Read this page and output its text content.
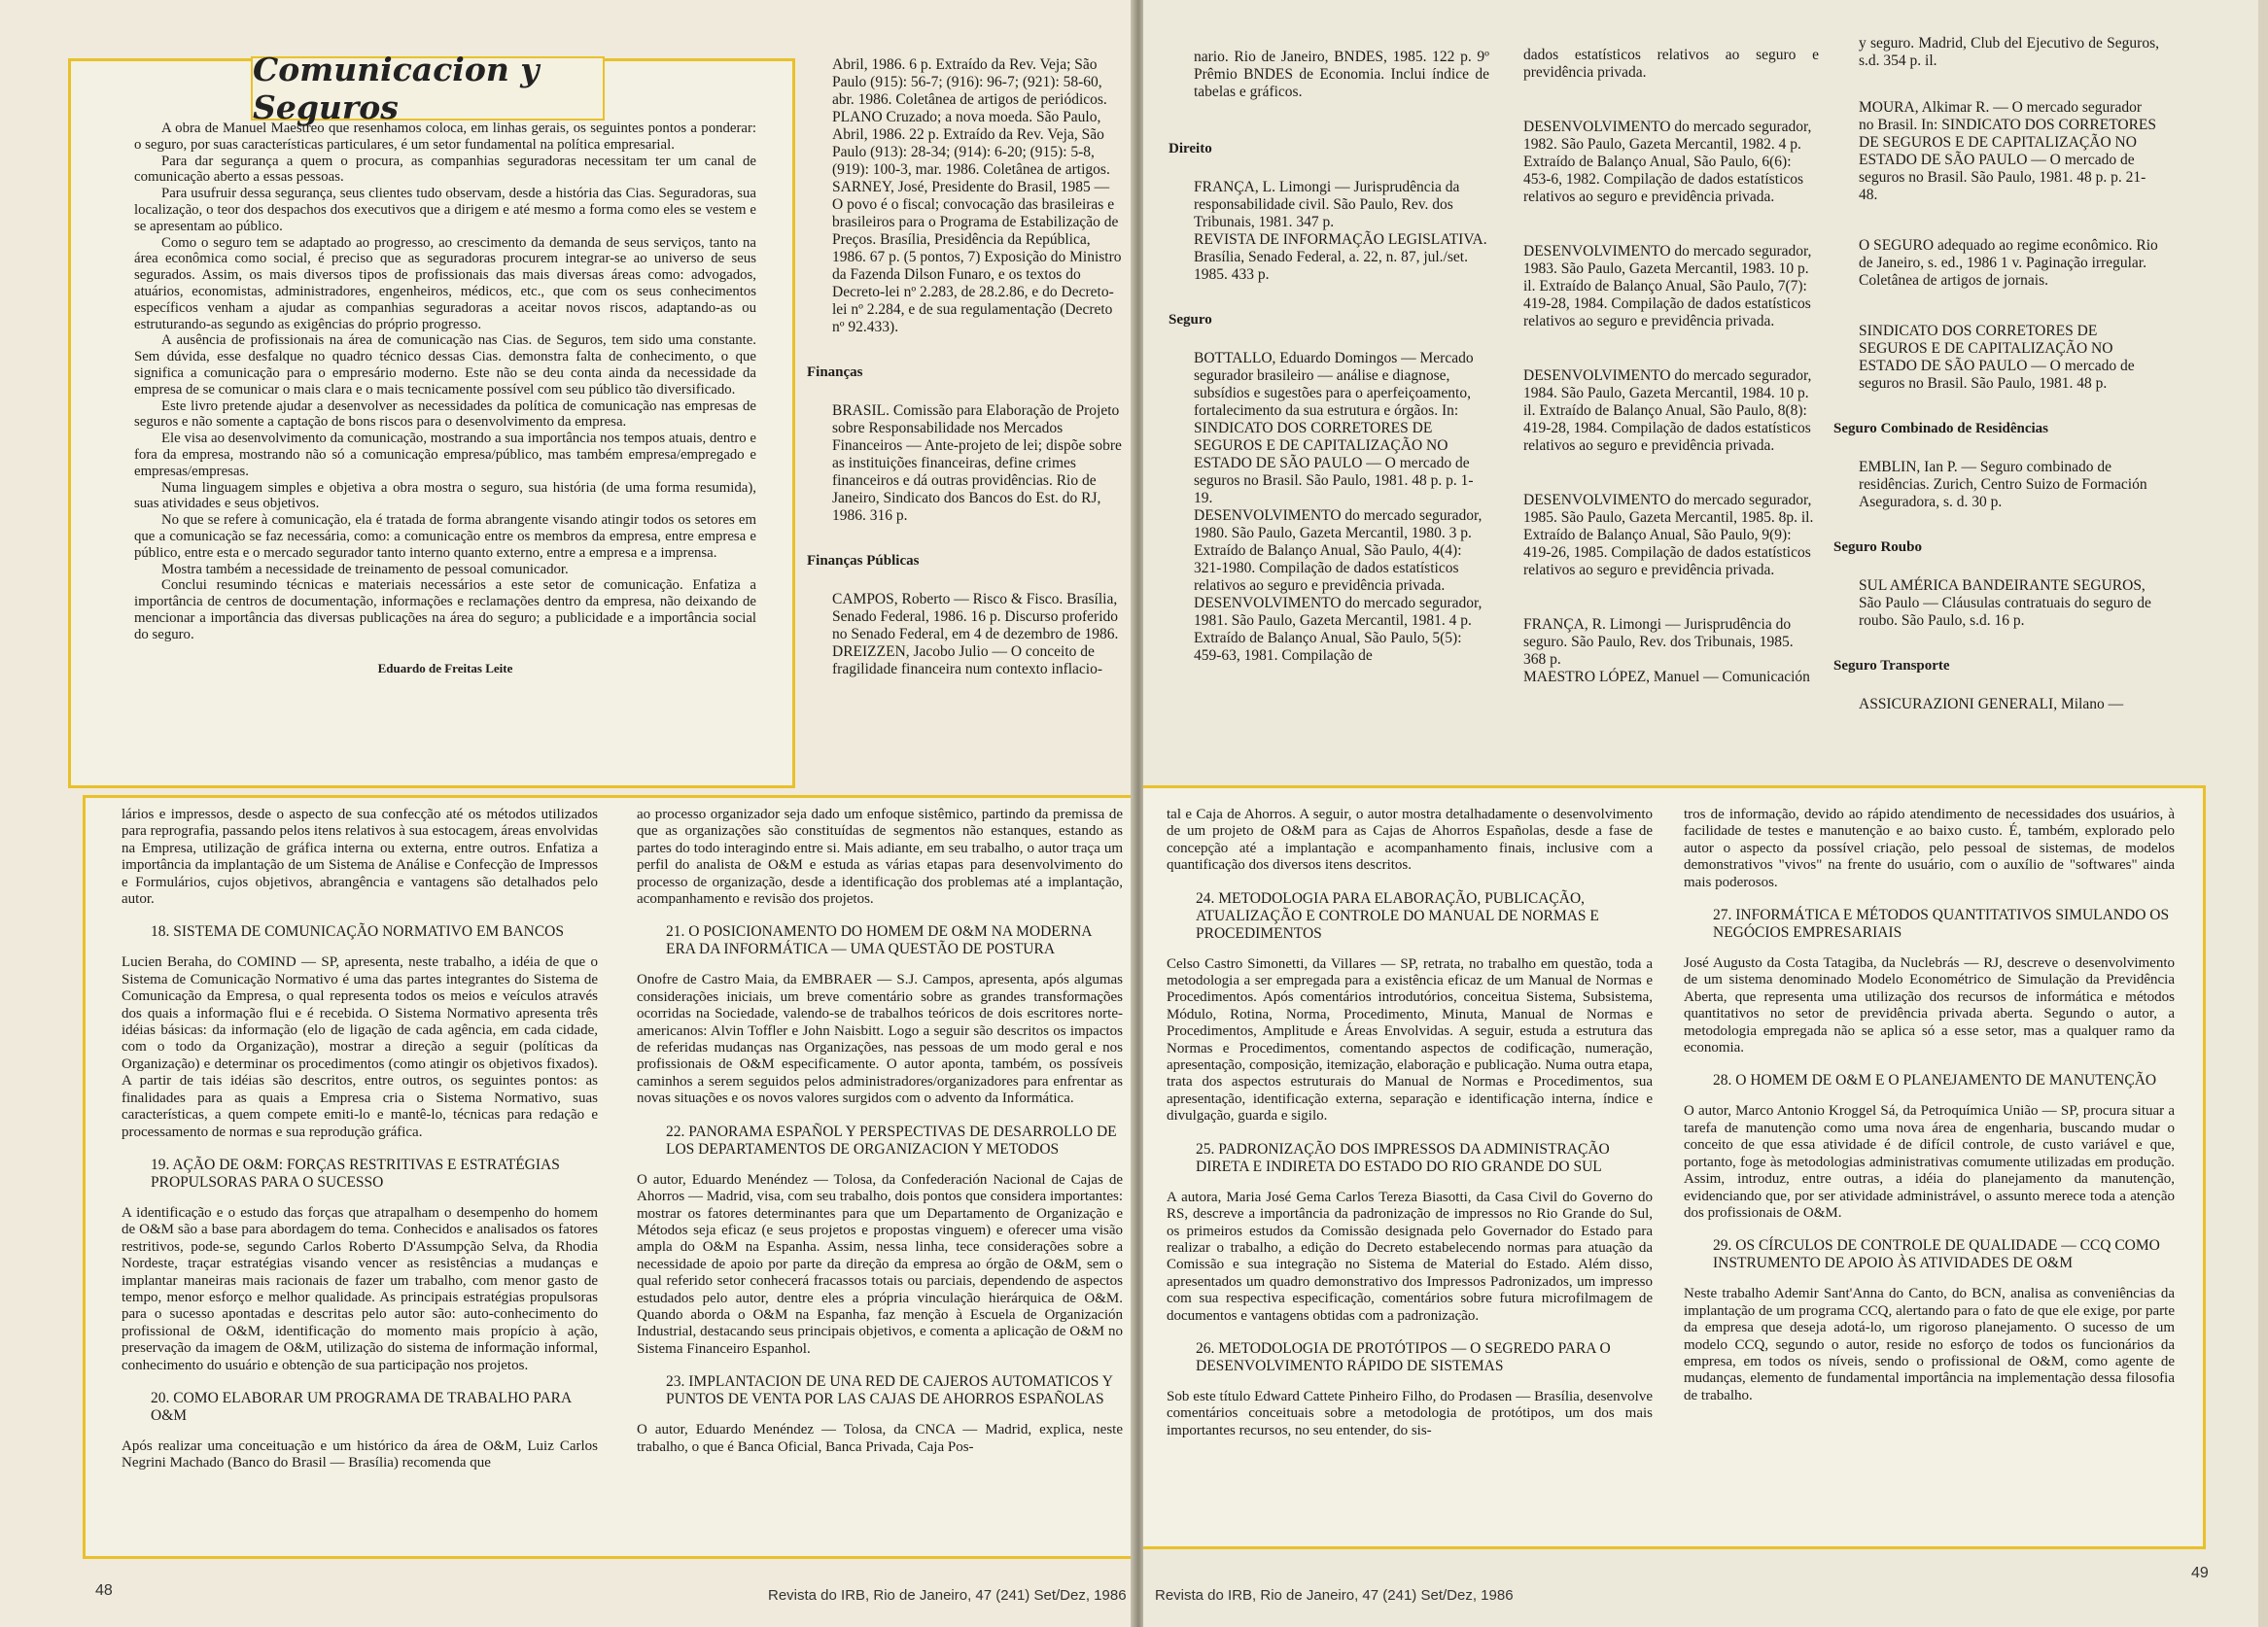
Comunicacion y Seguros

A obra de Manuel Maestreo que resenhamos coloca, em linhas gerais, os seguintes pontos a ponderar: o seguro, por suas características particulares, é um setor fundamental na política empresarial.

Para dar segurança a quem o procura, as companhias seguradoras necessitam ter um canal de comunicação aberto a essas pessoas.

Para usufruir dessa segurança, seus clientes tudo observam, desde a história das Cias. Seguradoras, sua localização, o teor dos despachos dos executivos que a dirigem e até mesmo a forma como eles se vestem e se apresentam ao público.

Como o seguro tem se adaptado ao progresso, ao crescimento da demanda de seus serviços, tanto na área econômica como social, é preciso que as seguradoras procurem integrar-se ao universo de seus segurados. Assim, os mais diversos tipos de profissionais das mais diversas áreas como: advogados, atuários, economistas, administradores, engenheiros, médicos, etc., que com os seus conhecimentos específicos venham a ajudar as companhias seguradoras a aceitar novos riscos, adaptando-as ou estruturando-as segundo as exigências do próprio progresso.

A ausência de profissionais na área de comunicação nas Cias. de Seguros, tem sido uma constante. Sem dúvida, esse desfalque no quadro técnico dessas Cias. demonstra falta de conhecimento, o que significa a comunicação para o empresário moderno. Este não se deu conta ainda da necessidade da empresa de se comunicar o mais clara e o mais tecnicamente possível com seu público tão diversificado.

Este livro pretende ajudar a desenvolver as necessidades da política de comunicação nas empresas de seguros e não somente a captação de bons riscos para o desenvolvimento da empresa.

Ele visa ao desenvolvimento da comunicação, mostrando a sua importância nos tempos atuais, dentro e fora da empresa, mostrando não só a comunicação empresa/público, mas também empresa/empregado e empresas/empresas.

Numa linguagem simples e objetiva a obra mostra o seguro, sua história (de uma forma resumida), suas atividades e seus objetivos.

No que se refere à comunicação, ela é tratada de forma abrangente visando atingir todos os setores em que a comunicação se faz necessária, como: a comunicação entre os membros da empresa, entre empresa e público, entre esta e o mercado segurador tanto interno quanto externo, entre a empresa e a imprensa.

Mostra também a necessidade de treinamento de pessoal comunicador.

Conclui resumindo técnicas e materiais necessários a este setor de comunicação. Enfatiza a importância de centros de documentação, informações e reclamações dentro da empresa, não deixando de mencionar a importância das diversas publicações na área do seguro; a publicidade e a importância social do seguro.

Eduardo de Freitas Leite

Abril, 1986. 6 p. Extraído da Rev. Veja; São Paulo (915): 56-7; (916): 96-7; (921): 58-60, abr. 1986. Coletânea de artigos de periódicos.

PLANO Cruzado; a nova moeda. São Paulo, Abril, 1986. 22 p. Extraído da Rev. Veja, São Paulo (913): 28-34; (914): 6-20; (915): 5-8, (919): 100-3, mar. 1986. Coletânea de artigos.

SARNEY, José, Presidente do Brasil, 1985 — O povo é o fiscal; convocação das brasileiras e brasileiros para o Programa de Estabilização de Preços. Brasília, Presidência da República, 1986. 67 p. (5 pontos, 7) Exposição do Ministro da Fazenda Dilson Funaro, e os textos do Decreto-lei nº 2.283, de 28.2.86, e do Decreto-lei nº 2.284, e de sua regulamentação (Decreto nº 92.433).

Finanças

BRASIL. Comissão para Elaboração de Projeto sobre Responsabilidade nos Mercados Financeiros — Ante-projeto de lei; dispõe sobre as instituições financeiras, define crimes financeiros e dá outras providências. Rio de Janeiro, Sindicato dos Bancos do Est. do RJ, 1986. 316 p.

Finanças Públicas

CAMPOS, Roberto — Risco & Fisco. Brasília, Senado Federal, 1986. 16 p. Discurso proferido no Senado Federal, em 4 de dezembro de 1986.

DREIZZEN, Jacobo Julio — O conceito de fragilidade financeira num contexto inflacio-

lários e impressos, desde o aspecto de sua confecção até os métodos utilizados para reprografia, passando pelos itens relativos à sua estocagem, áreas envolvidas na Empresa, utilização de gráfica interna ou externa, entre outros. Enfatiza a importância da implantação de um Sistema de Análise e Confecção de Impressos e Formulários, cujos objetivos, abrangência e vantagens são detalhados pelo autor.

18. SISTEMA DE COMUNICAÇÃO NORMATIVO EM BANCOS

Lucien Beraha, do COMIND — SP, apresenta, neste trabalho, a idéia de que o Sistema de Comunicação Normativo é uma das partes integrantes do Sistema de Comunicação da Empresa, o qual representa todos os meios e veículos através dos quais a informação flui e é recebida. O Sistema Normativo apresenta três idéias básicas: da informação (elo de ligação de cada agência, em cada cidade, com o todo da Organização), mostrar a direção a seguir (políticas da Organização) e determinar os procedimentos (como atingir os objetivos fixados). A partir de tais idéias são descritos, entre outros, os seguintes pontos: as finalidades para as quais a Empresa cria o Sistema Normativo, suas características, a quem compete emiti-lo e mantê-lo, técnicas para redação e processamento de normas e sua reprodução gráfica.

19. AÇÃO DE O&M: FORÇAS RESTRITIVAS E ESTRATÉGIAS PROPULSORAS PARA O SUCESSO

A identificação e o estudo das forças que atrapalham o desempenho do homem de O&M são a base para abordagem do tema. Conhecidos e analisados os fatores restritivos, pode-se, segundo Carlos Roberto D'Assumpção Selva, da Rhodia Nordeste, traçar estratégias visando vencer as resistências a mudanças e implantar maneiras mais racionais de fazer um trabalho, com menor gasto de tempo, menor esforço e melhor qualidade. As principais estratégias propulsoras para o sucesso apontadas e descritas pelo autor são: auto-conhecimento do profissional de O&M, identificação do momento mais propício à ação, preservação da imagem de O&M, utilização do sistema de informação informal, conhecimento do usuário e obtenção de sua participação nos projetos.

20. COMO ELABORAR UM PROGRAMA DE TRABALHO PARA O&M

Após realizar uma conceituação e um histórico da área de O&M, Luiz Carlos Negrini Machado (Banco do Brasil — Brasília) recomenda que

ao processo organizador seja dado um enfoque sistêmico, partindo da premissa de que as organizações são constituídas de segmentos não estanques, estando as partes do todo interagindo entre si. Mais adiante, em seu trabalho, o autor traça um perfil do analista de O&M e estuda as várias etapas para desenvolvimento do processo de organização, desde a identificação dos problemas até a implantação, acompanhamento e revisão dos projetos.

21. O POSICIONAMENTO DO HOMEM DE O&M NA MODERNA ERA DA INFORMÁTICA — UMA QUESTÃO DE POSTURA

Onofre de Castro Maia, da EMBRAER — S.J. Campos, apresenta, após algumas considerações iniciais, um breve comentário sobre as grandes transformações ocorridas na Sociedade, valendo-se de trabalhos teóricos de dois escritores norte-americanos: Alvin Toffler e John Naisbitt. Logo a seguir são descritos os impactos de referidas mudanças nas Organizações, nas pessoas de um modo geral e nos profissionais de O&M especificamente. O autor aponta, também, os possíveis caminhos a serem seguidos pelos administradores/organizadores para enfrentar as novas situações e os novos valores surgidos com o advento da Informática.

22. PANORAMA ESPAÑOL Y PERSPECTIVAS DE DESARROLLO DE LOS DEPARTAMENTOS DE ORGANIZACION Y METODOS

O autor, Eduardo Menéndez — Tolosa, da Confederación Nacional de Cajas de Ahorros — Madrid, visa, com seu trabalho, dois pontos que considera importantes: mostrar os fatores determinantes para que um Departamento de Organização e Métodos seja eficaz (e seus projetos e propostas vinguem) e oferecer uma visão ampla do O&M na Espanha. Assim, nessa linha, tece considerações sobre a necessidade de apoio por parte da direção da empresa ao órgão de O&M, sem o qual referido setor conhecerá fracassos totais ou parciais, dependendo de aspectos estudados pelo autor, dentre eles a própria vinculação hierárquica de O&M. Quando aborda o O&M na Espanha, faz menção à Escuela de Organización Industrial, destacando seus principais objetivos, e comenta a aplicação de O&M no Sistema Financeiro Espanhol.

23. IMPLANTACION DE UNA RED DE CAJEROS AUTOMATICOS Y PUNTOS DE VENTA POR LAS CAJAS DE AHORROS ESPAÑOLAS

O autor, Eduardo Menéndez — Tolosa, da CNCA — Madrid, explica, neste trabalho, o que é Banca Oficial, Banca Privada, Caja Pos-

48	Revista do IRB, Rio de Janeiro, 47 (241) Set/Dez, 1986

nario. Rio de Janeiro, BNDES, 1985. 122 p. 9º Prêmio BNDES de Economia. Inclui índice de tabelas e gráficos.

Direito

FRANÇA, L. Limongi — Jurisprudência da responsabilidade civil. São Paulo, Rev. dos Tribunais, 1981. 347 p.

REVISTA DE INFORMAÇÃO LEGISLATIVA. Brasília, Senado Federal, a. 22, n. 87, jul./set. 1985. 433 p.

Seguro

BOTTALLO, Eduardo Domingos — Mercado segurador brasileiro — análise e diagnose, subsídios e sugestões para o aperfeiçoamento, fortalecimento da sua estrutura e órgãos. In: SINDICATO DOS CORRETORES DE SEGUROS E DE CAPITALIZAÇÃO NO ESTADO DE SÃO PAULO — O mercado de seguros no Brasil. São Paulo, 1981. 48 p. p. 1-19.

DESENVOLVIMENTO do mercado segurador, 1980. São Paulo, Gazeta Mercantil, 1980. 3 p. Extraído de Balanço Anual, São Paulo, 4(4): 321-1980. Compilação de dados estatísticos relativos ao seguro e previdência privada.

DESENVOLVIMENTO do mercado segurador, 1981. São Paulo, Gazeta Mercantil, 1981. 4 p. Extraído de Balanço Anual, São Paulo, 5(5): 459-63, 1981. Compilação de

dados estatísticos relativos ao seguro e previdência privada.

DESENVOLVIMENTO do mercado segurador, 1982. São Paulo, Gazeta Mercantil, 1982. 4 p. Extraído de Balanço Anual, São Paulo, 6(6): 453-6, 1982. Compilação de dados estatísticos relativos ao seguro e previdência privada.

DESENVOLVIMENTO do mercado segurador, 1983. São Paulo, Gazeta Mercantil, 1983. 10 p. il. Extraído de Balanço Anual, São Paulo, 7(7): 419-28, 1984. Compilação de dados estatísticos relativos ao seguro e previdência privada.

DESENVOLVIMENTO do mercado segurador, 1984. São Paulo, Gazeta Mercantil, 1984. 10 p. il. Extraído de Balanço Anual, São Paulo, 8(8): 419-28, 1984. Compilação de dados estatísticos relativos ao seguro e previdência privada.

DESENVOLVIMENTO do mercado segurador, 1985. São Paulo, Gazeta Mercantil, 1985. 8p. il. Extraído de Balanço Anual, São Paulo, 9(9): 419-26, 1985. Compilação de dados estatísticos relativos ao seguro e previdência privada.

FRANÇA, R. Limongi — Jurisprudência do seguro. São Paulo, Rev. dos Tribunais, 1985. 368 p.

MAESTRO LÓPEZ, Manuel — Comunicación

y seguro. Madrid, Club del Ejecutivo de Seguros, s.d. 354 p. il.

MOURA, Alkimar R. — O mercado segurador no Brasil. In: SINDICATO DOS CORRETORES DE SEGUROS E DE CAPITALIZAÇÃO NO ESTADO DE SÃO PAULO — O mercado de seguros no Brasil. São Paulo, 1981. 48 p. p. 21-48.

O SEGURO adequado ao regime econômico. Rio de Janeiro, s. ed., 1986 1 v. Paginação irregular. Coletânea de artigos de jornais.

SINDICATO DOS CORRETORES DE SEGUROS E DE CAPITALIZAÇÃO NO ESTADO DE SÃO PAULO — O mercado de seguros no Brasil. São Paulo, 1981. 48 p.

Seguro Combinado de Residências

EMBLIN, Ian P. — Seguro combinado de residências. Zurich, Centro Suizo de Formación Aseguradora, s. d. 30 p.

Seguro Roubo

SUL AMÉRICA BANDEIRANTE SEGUROS, São Paulo — Cláusulas contratuais do seguro de roubo. São Paulo, s.d. 16 p.

Seguro Transporte

ASSICURAZIONI GENERALI, Milano —

tal e Caja de Ahorros. A seguir, o autor mostra detalhadamente o desenvolvimento de um projeto de O&M para as Cajas de Ahorros Españolas, desde a fase de concepção até a implantação e acompanhamento finais, inclusive com a quantificação dos diversos itens descritos.

24. METODOLOGIA PARA ELABORAÇÃO, PUBLICAÇÃO, ATUALIZAÇÃO E CONTROLE DO MANUAL DE NORMAS E PROCEDIMENTOS

Celso Castro Simonetti, da Villares — SP, retrata, no trabalho em questão, toda a metodologia a ser empregada para a existência eficaz de um Manual de Normas e Procedimentos. Após comentários introdutórios, conceitua Sistema, Subsistema, Módulo, Rotina, Norma, Procedimento, Minuta, Manual de Normas e Procedimentos, Amplitude e Áreas Envolvidas. A seguir, estuda a estrutura das Normas e Procedimentos, comentando aspectos de codificação, numeração, apresentação, composição, itemização, elaboração e publicação. Numa outra etapa, trata dos aspectos estruturais do Manual de Normas e Procedimentos, sua apresentação, identificação externa, separação e identificação interna, índice e divulgação, guarda e sigilo.

25. PADRONIZAÇÃO DOS IMPRESSOS DA ADMINISTRAÇÃO DIRETA E INDIRETA DO ESTADO DO RIO GRANDE DO SUL

A autora, Maria José Gema Carlos Tereza Biasotti, da Casa Civil do Governo do RS, descreve a importância da padronização de impressos no Rio Grande do Sul, os primeiros estudos da Comissão designada pelo Governador do Estado para realizar o trabalho, a edição do Decreto estabelecendo normas para atuação da Comissão e sua integração no Sistema de Material do Estado. Além disso, apresentados um quadro demonstrativo dos Impressos Padronizados, um impresso com sua respectiva especificação, comentários sobre futura microfilmagem de documentos e vantagens obtidas com a padronização.

26. METODOLOGIA DE PROTÓTIPOS — O SEGREDO PARA O DESENVOLVIMENTO RÁPIDO DE SISTEMAS

Sob este título Edward Cattete Pinheiro Filho, do Prodasen — Brasília, desenvolve comentários conceituais sobre a metodologia de protótipos, um dos mais importantes recursos, no seu entender, do sis-

tros de informação, devido ao rápido atendimento de necessidades dos usuários, à facilidade de testes e manutenção e ao baixo custo. É, também, explorado pelo autor o aspecto da possível criação, pelo pessoal de sistemas, de modelos demonstrativos "vivos" na frente do usuário, com o auxílio de "softwares" ainda mais poderosos.

27. INFORMÁTICA E MÉTODOS QUANTITATIVOS SIMULANDO OS NEGÓCIOS EMPRESARIAIS

José Augusto da Costa Tatagiba, da Nuclebrás — RJ, descreve o desenvolvimento de um sistema denominado Modelo Econométrico de Simulação da Previdência Aberta, que representa uma utilização dos recursos de informática e métodos quantitativos no setor de previdência privada aberta. Segundo o autor, a metodologia empregada não se aplica só a esse setor, mas a qualquer ramo da economia.

28. O HOMEM DE O&M E O PLANEJAMENTO DE MANUTENÇÃO

O autor, Marco Antonio Kroggel Sá, da Petroquímica União — SP, procura situar a tarefa de manutenção como uma nova área de engenharia, buscando mudar o conceito de que essa atividade é de difícil controle, de custo variável e que, portanto, foge às metodologias administrativas comumente utilizadas em produção. Assim, introduz, entre outras, a idéia do planejamento da manutenção, evidenciando que, por ser atividade administrável, o assunto merece toda a atenção dos profissionais de O&M.

29. OS CÍRCULOS DE CONTROLE DE QUALIDADE — CCQ COMO INSTRUMENTO DE APOIO ÀS ATIVIDADES DE O&M

Neste trabalho Ademir Sant'Anna do Canto, do BCN, analisa as conveniências da implantação de um programa CCQ, alertando para o fato de que ele exige, por parte da empresa que deseja adotá-lo, um rigoroso planejamento. O sucesso de um modelo CCQ, segundo o autor, reside no esforço de todos os funcionários da empresa, em todos os níveis, sendo o profissional de O&M, como agente de mudanças, elemento de fundamental importância na implementação dessa filosofia de trabalho.

Revista do IRB, Rio de Janeiro, 47 (241) Set/Dez, 1986
49
